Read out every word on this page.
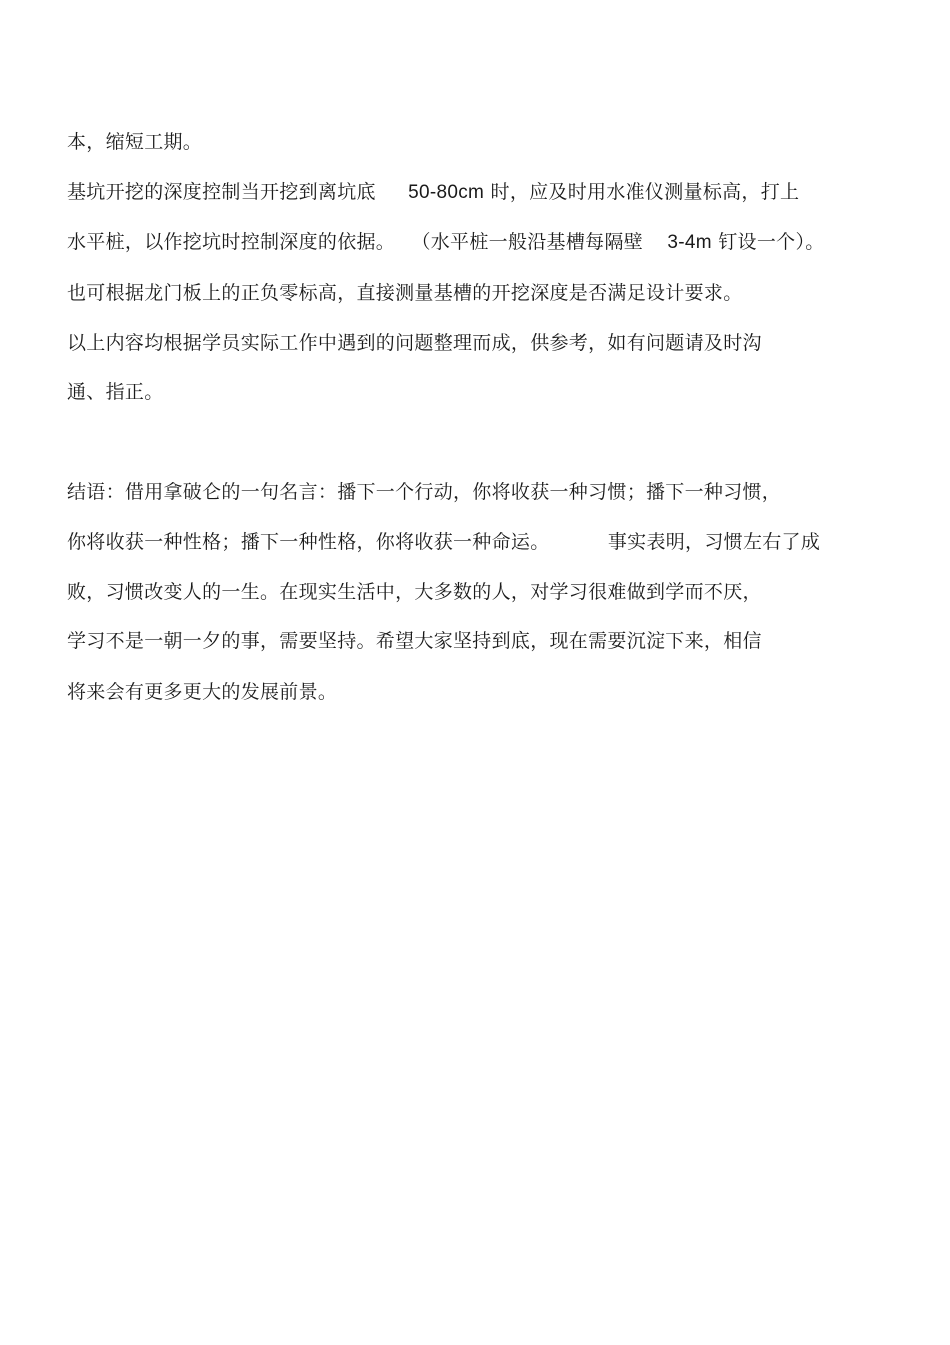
本，缩短工期。
基坑开挖的深度控制当开挖到离坑底 50-80cm 时，应及时用水准仪测量标高，打上
水平桩，以作挖坑时控制深度的依据。 （水平桩一般沿基槽每隔壁 3-4m 钉设一个）。
也可根据龙门板上的正负零标高，直接测量基槽的开挖深度是否满足设计要求。
以上内容均根据学员实际工作中遇到的问题整理而成，供参考，如有问题请及时沟
通、指正。
结语：借用拿破仑的一句名言：播下一个行动，你将收获一种习惯；播下一种习惯，
你将收获一种性格；播下一种性格，你将收获一种命运。	事实表明，习惯左右了成
败，习惯改变人的一生。在现实生活中，大多数的人，对学习很难做到学而不厌，
学习不是一朝一夕的事，需要坚持。希望大家坚持到底，现在需要沉淀下来，相信
将来会有更多更大的发展前景。
